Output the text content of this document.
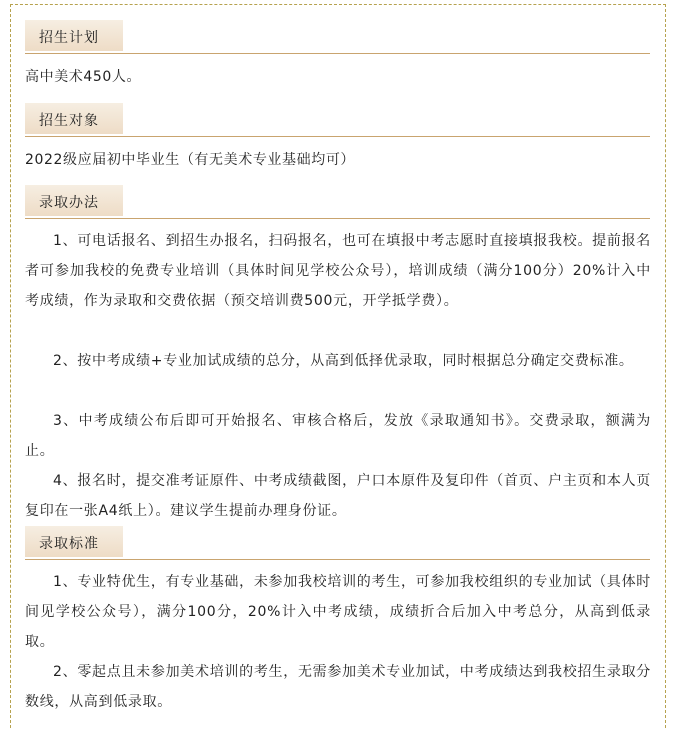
招生计划
高中美术450人。
招生对象
2022级应届初中毕业生（有无美术专业基础均可）
录取办法
1、可电话报名、到招生办报名，扫码报名，也可在填报中考志愿时直接填报我校。提前报名者可参加我校的免费专业培训（具体时间见学校公众号），培训成绩（满分100分）20%计入中考成绩，作为录取和交费依据（预交培训费500元，开学抵学费）。
2、按中考成绩+专业加试成绩的总分，从高到低择优录取，同时根据总分确定交费标准。
3、中考成绩公布后即可开始报名、审核合格后，发放《录取通知书》。交费录取，额满为止。
4、报名时，提交准考证原件、中考成绩截图，户口本原件及复印件（首页、户主页和本人页复印在一张A4纸上）。建议学生提前办理身份证。
录取标准
1、专业特优生，有专业基础，未参加我校培训的考生，可参加我校组织的专业加试（具体时间见学校公众号），满分100分，20%计入中考成绩，成绩折合后加入中考总分，从高到低录取。
2、零起点且未参加美术培训的考生，无需参加美术专业加试，中考成绩达到我校招生录取分数线，从高到低录取。
